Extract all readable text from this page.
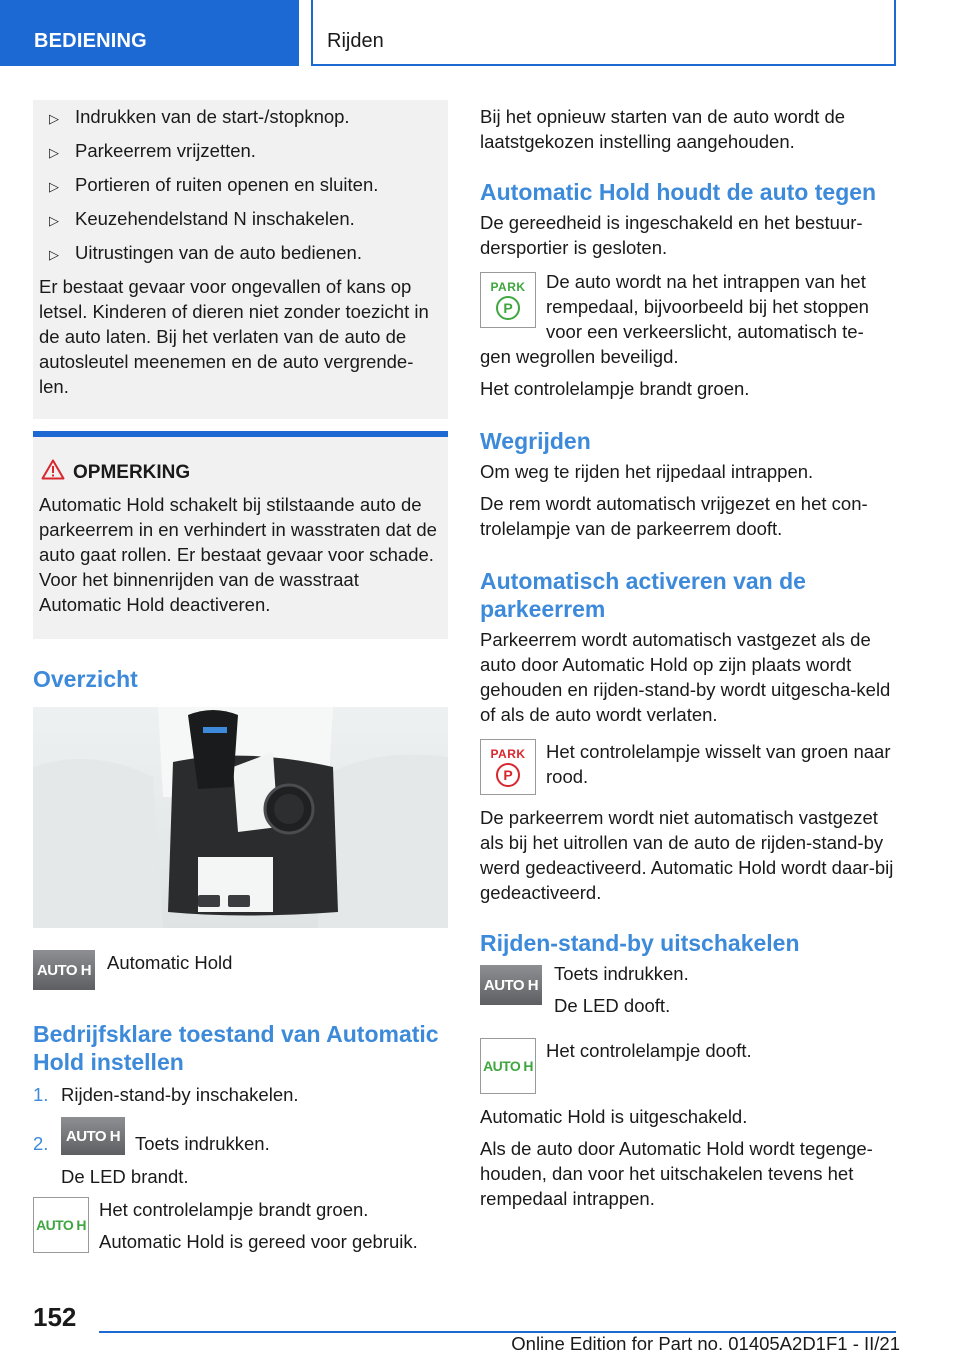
BEDIENING	Rijden
▷ Indrukken van de start-/stopknop.
▷ Parkeerrem vrijzetten.
▷ Portieren of ruiten openen en sluiten.
▷ Keuzehendelstand N inschakelen.
▷ Uitrustingen van de auto bedienen.

Er bestaat gevaar voor ongevallen of kans op letsel. Kinderen of dieren niet zonder toezicht in de auto laten. Bij het verlaten van de auto de autosleutel meenemen en de auto vergrende-len.

OPMERKING

Automatic Hold schakelt bij stilstaande auto de parkeerrem in en verhindert in wasstraten dat de auto gaat rollen. Er bestaat gevaar voor schade. Voor het binnenrijden van de wasstraat Automatic Hold deactiveren.

Overzicht
AUTO H Automatic Hold
Bedrijfsklare toestand van Automatic Hold instellen
1. Rijden-stand-by inschakelen.
2.	AUTO H Toets indrukken.

De LED brandt.

AUTO H

Het controlelampje brandt groen.

Automatic Hold is gereed voor gebruik.

Bij het opnieuw starten van de auto wordt de laatstgekozen instelling aangehouden.

Automatic Hold houdt de auto tegen

De gereedheid is ingeschakeld en het bestuur-dersportier is gesloten.

PARK
P

De auto wordt na het intrappen van het rempedaal, bijvoorbeeld bij het stoppen voor een verkeerslicht, automatisch te-

gen wegrollen beveiligd.

Het controlelampje brandt groen.

Wegrijden

Om weg te rijden het rijpedaal intrappen.

De rem wordt automatisch vrijgezet en het con-trolelampje van de parkeerrem dooft.

Automatisch activeren van de parkeerrem

Parkeerrem wordt automatisch vastgezet als de auto door Automatic Hold op zijn plaats wordt gehouden en rijden-stand-by wordt uitgescha-keld of als de auto wordt verlaten.

PARK
P

Het controlelampje wisselt van groen naar rood.

De parkeerrem wordt niet automatisch vastgezet als bij het uitrollen van de auto de rijden-stand-by werd gedeactiveerd. Automatic Hold wordt daar-bij gedeactiveerd.

Rijden-stand-by uitschakelen
AUTO H

Toets indrukken.

De LED dooft.

AUTO H

Het controlelampje dooft.

Automatic Hold is uitgeschakeld.

Als de auto door Automatic Hold wordt tegenge-houden, dan voor het uitschakelen tevens het rempedaal intrappen.

152
Online Edition for Part no. 01405A2D1F1 - II/21
